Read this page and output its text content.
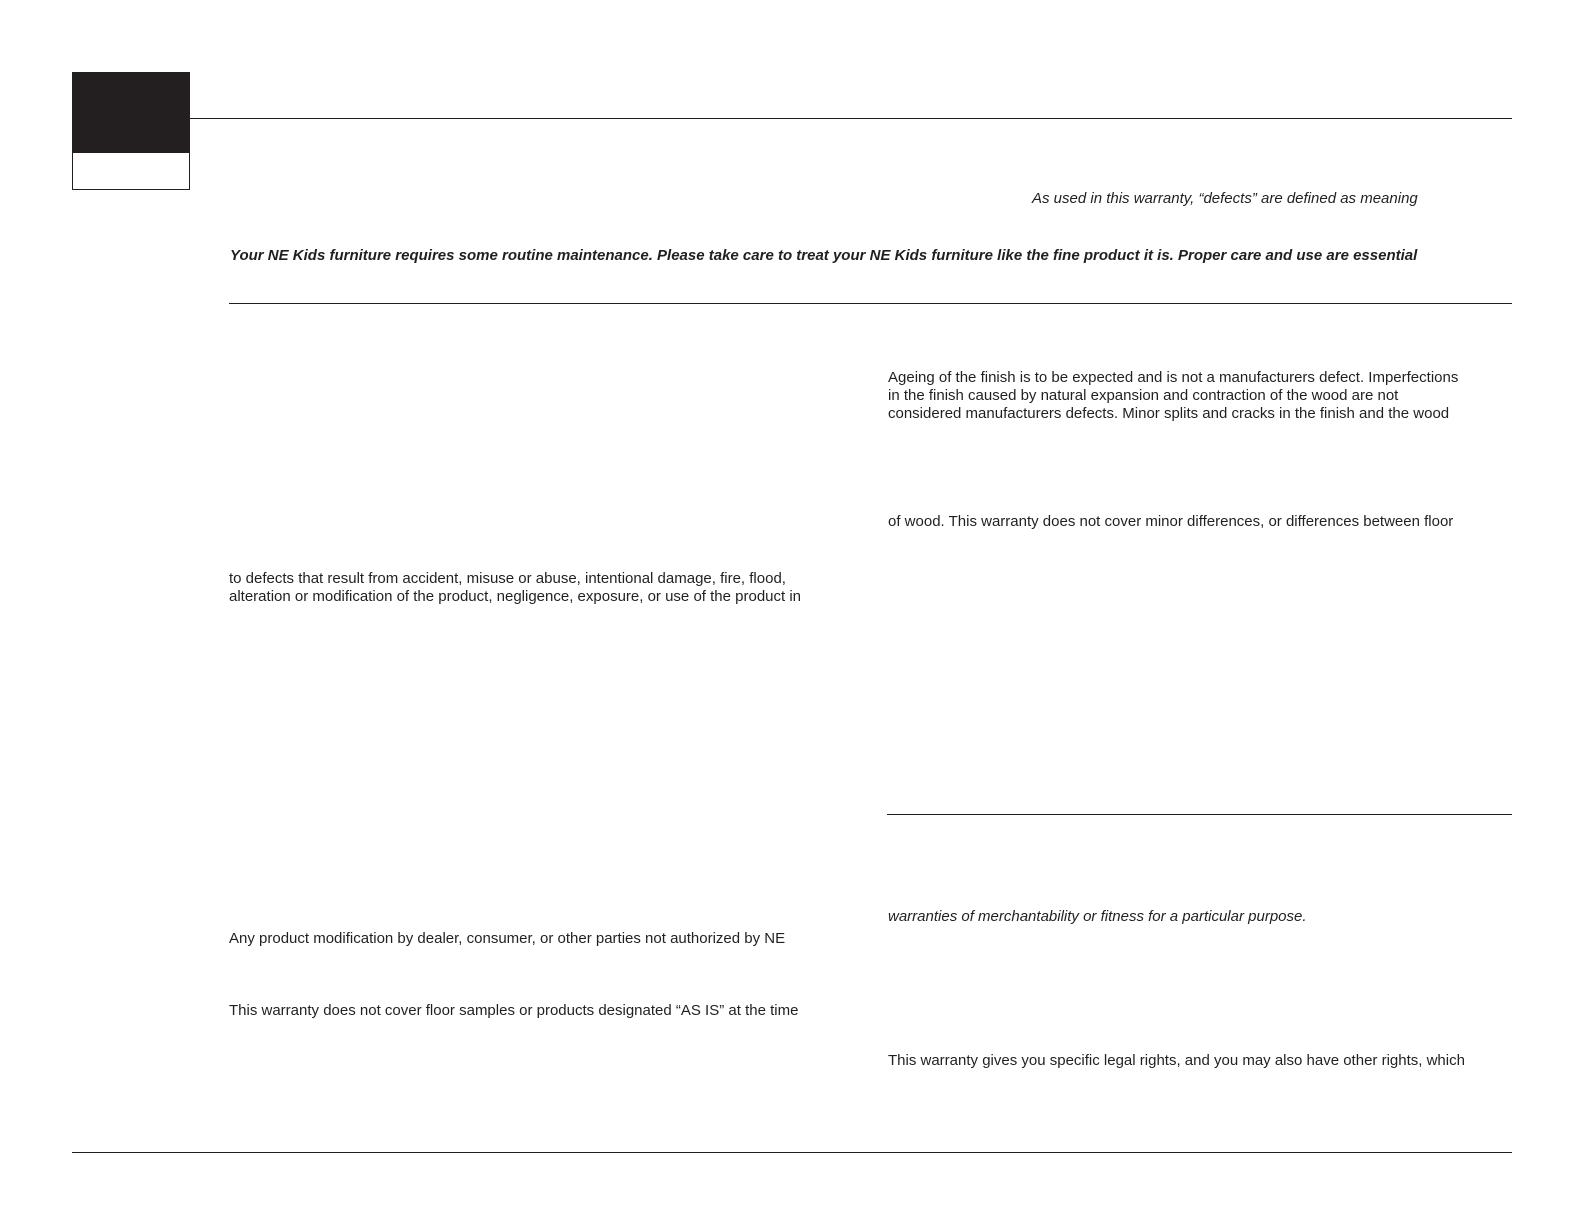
As used in this warranty, “defects” are defined as meaning
Your NE Kids furniture requires some routine maintenance. Please take care to treat your NE Kids furniture like the fine product it is. Proper care and use are essential
to defects that result from accident, misuse or abuse, intentional damage, fire, flood,
alteration or modification of the product, negligence, exposure, or use of the product in
Any product modification by dealer, consumer, or other parties not authorized by NE
This warranty does not cover floor samples or products designated “AS IS” at the time
Ageing of the finish is to be expected and is not a manufacturers defect. Imperfections
in the finish caused by natural expansion and contraction of the wood are not
considered manufacturers defects. Minor splits and cracks in the finish and the wood
of wood. This warranty does not cover minor differences, or differences between floor
warranties of merchantability or fitness for a particular purpose.
This warranty gives you specific legal rights, and you may also have other rights, which
